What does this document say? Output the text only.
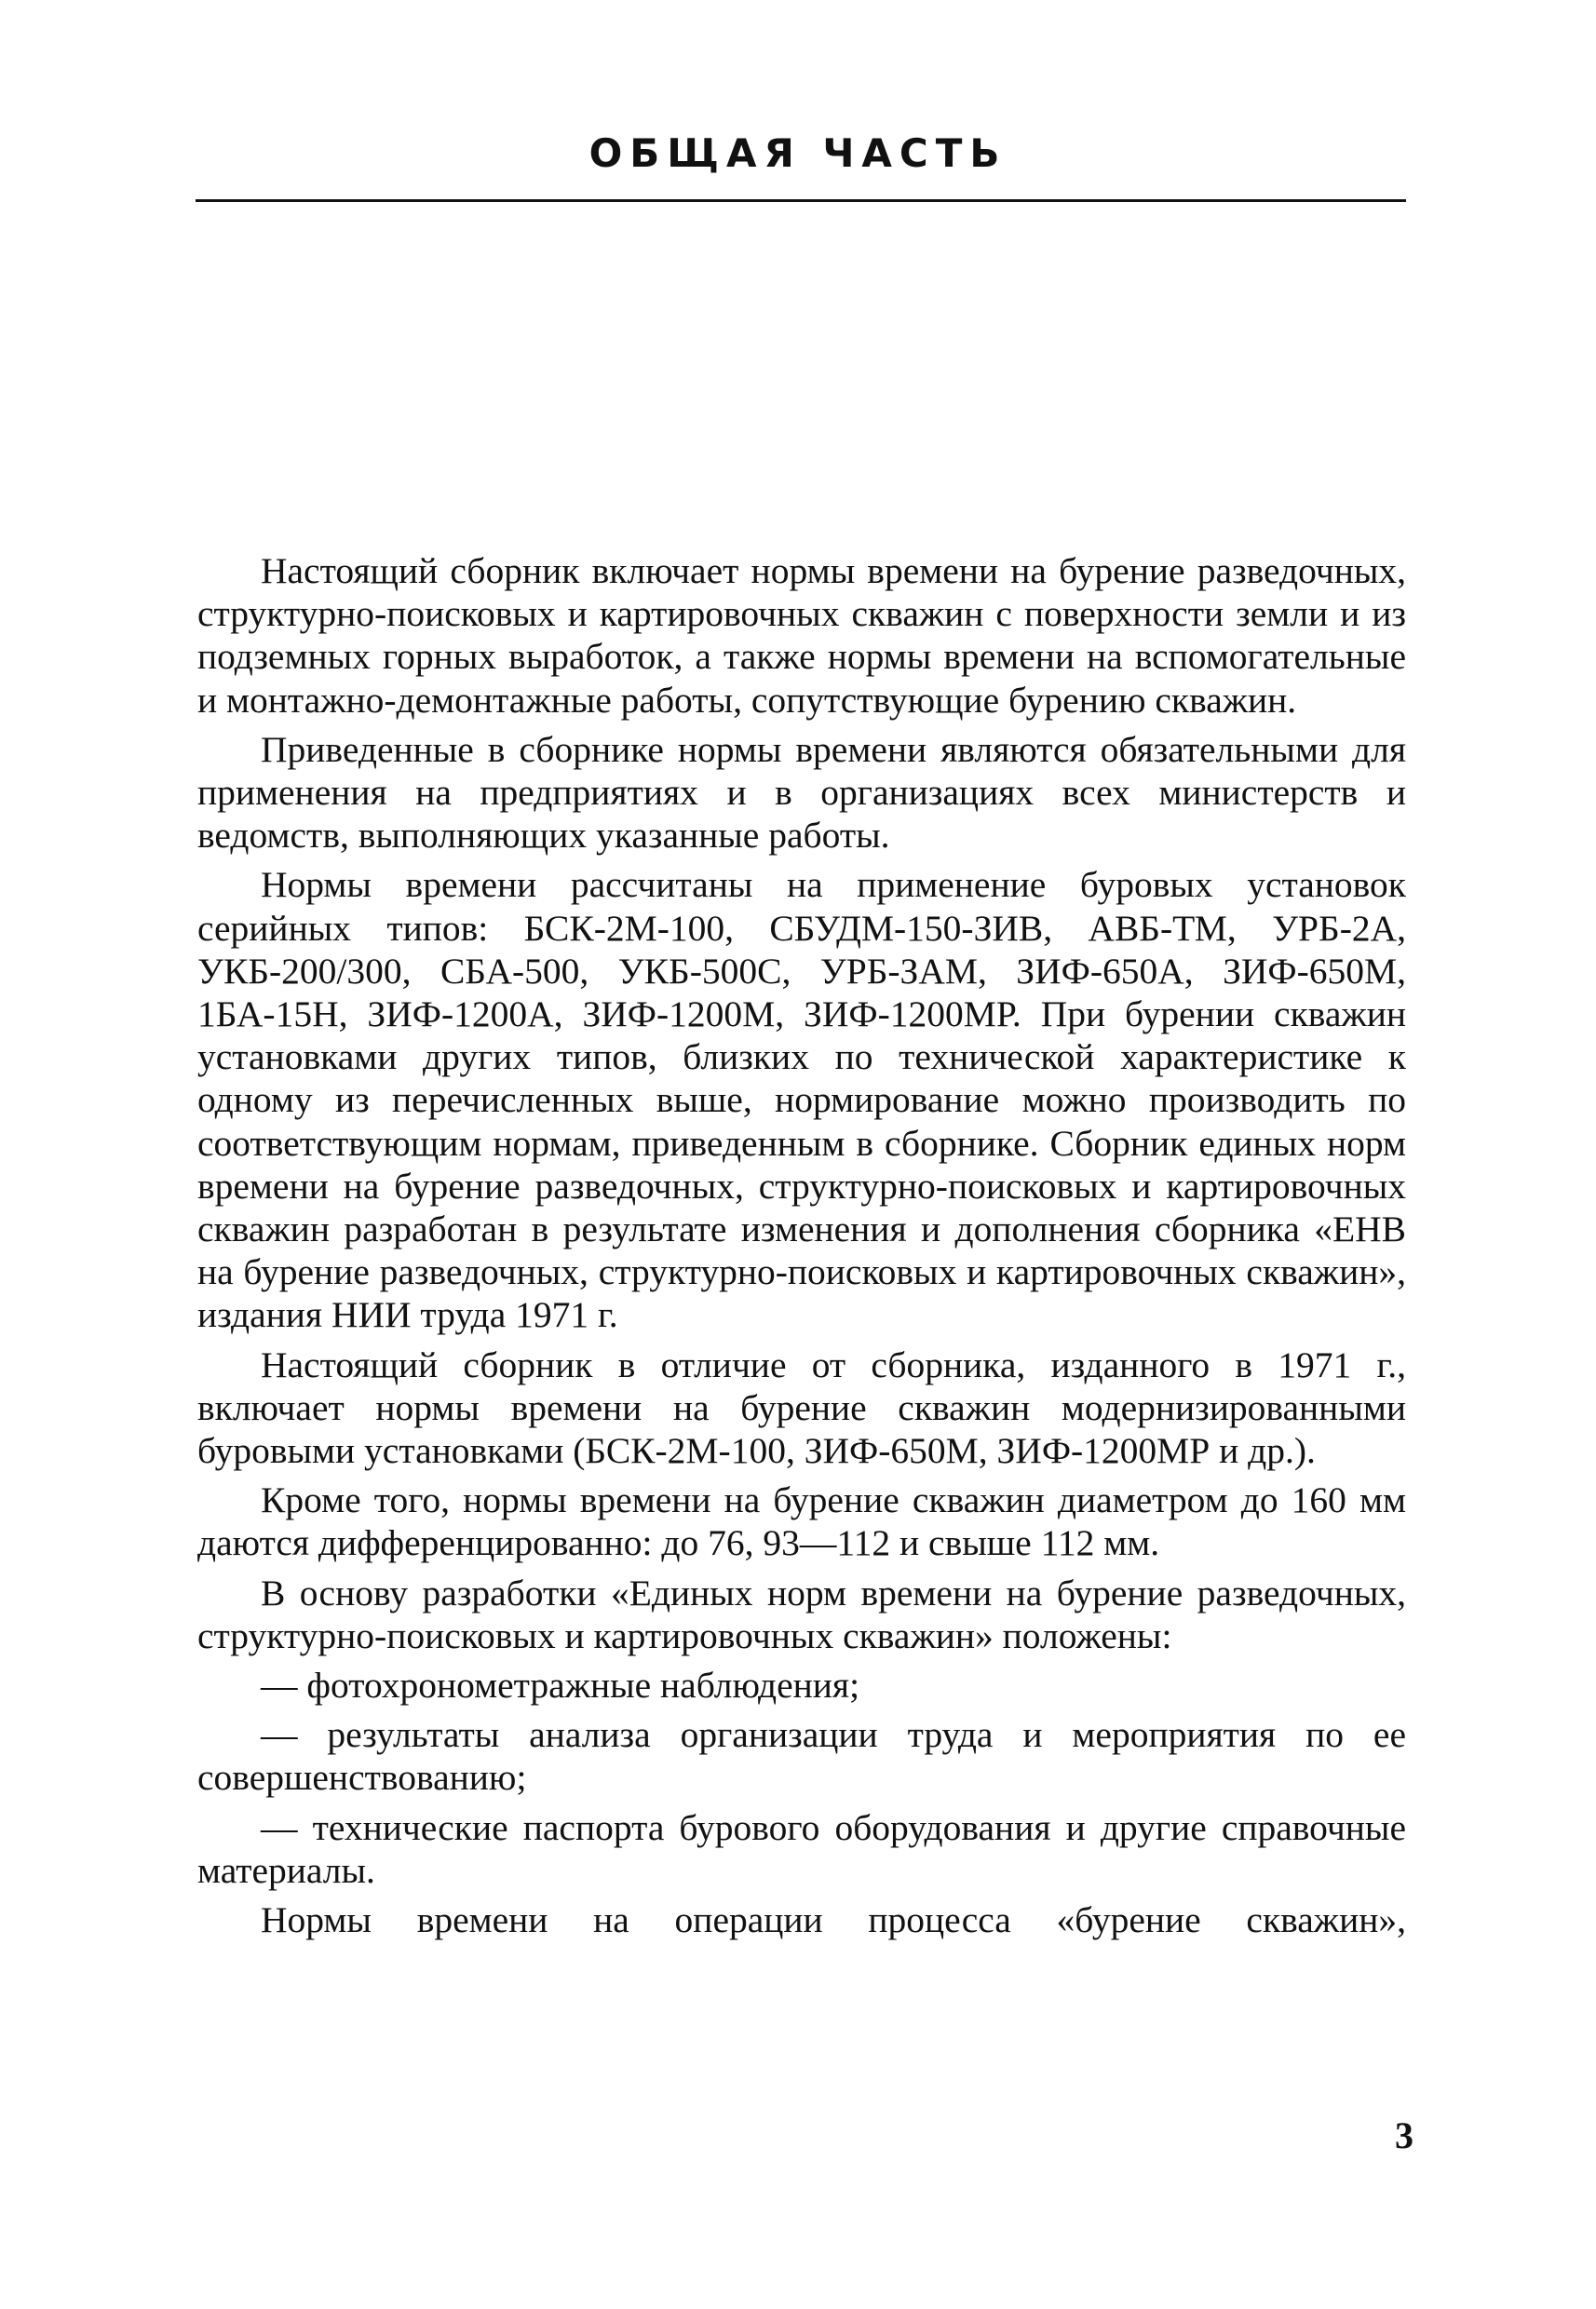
ОБЩАЯ ЧАСТЬ

Настоящий сборник включает нормы времени на бурение разведочных, структурно-поисковых и картировочных скважин с поверхности земли и из подземных горных выработок, а также нормы времени на вспомогательные и монтажно-демонтажные работы, сопутствующие бурению скважин.

Приведенные в сборнике нормы времени являются обязательными для применения на предприятиях и в организациях всех министерств и ведомств, выполняющих указанные работы.

Нормы времени рассчитаны на применение буровых установок серийных типов: БСК-2М-100, СБУДМ-150-ЗИВ, АВБ-ТМ, УРБ-2А, УКБ-200/300, СБА-500, УКБ-500С, УРБ-ЗАМ, ЗИФ-650А, ЗИФ-650М, 1БА-15Н, ЗИФ-1200А, ЗИФ-1200М, ЗИФ-1200МР. При бурении скважин установками других типов, близких по технической характеристике к одному из перечисленных выше, нормирование можно производить по соответствующим нормам, приведенным в сборнике. Сборник единых норм времени на бурение разведочных, структурно-поисковых и картировочных скважин разработан в результате изменения и дополнения сборника «ЕНВ на бурение разведочных, структурно-поисковых и картировочных скважин», издания НИИ труда 1971 г.

Настоящий сборник в отличие от сборника, изданного в 1971 г., включает нормы времени на бурение скважин модернизированными буровыми установками (БСК-2М-100, ЗИФ-650М, ЗИФ-1200МР и др.).

Кроме того, нормы времени на бурение скважин диаметром до 160 мм даются дифференцированно: до 76, 93—112 и свыше 112 мм.

В основу разработки «Единых норм времени на бурение разведочных, структурно-поисковых и картировочных скважин» положены:

— фотохронометражные наблюдения;

— результаты анализа организации труда и мероприятия по ее совершенствованию;

— технические паспорта бурового оборудования и другие справочные материалы.

Нормы времени на операции процесса «бурение скважин»,

3
